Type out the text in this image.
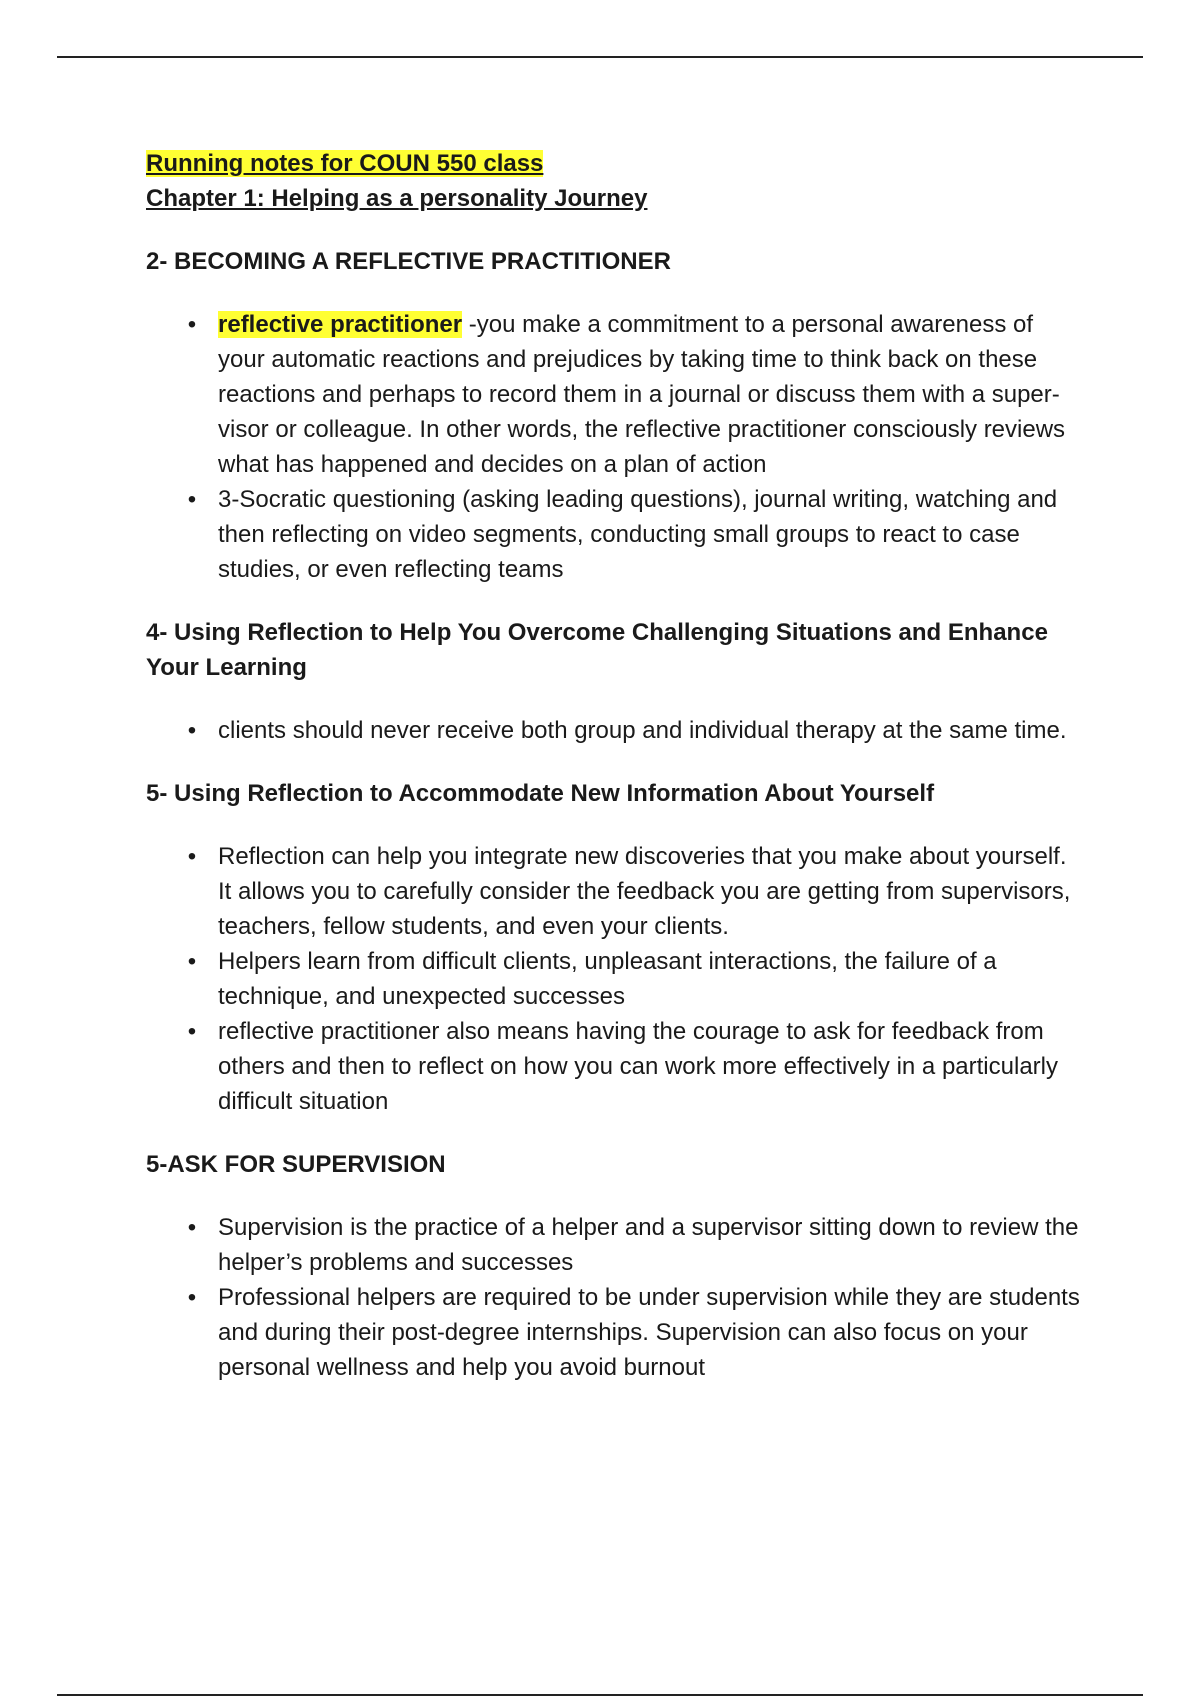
Running notes for COUN 550 class
Chapter 1: Helping as a personality Journey
2- BECOMING A REFLECTIVE PRACTITIONER
• reflective practitioner -you make a commitment to a personal awareness of your automatic reactions and prejudices by taking time to think back on these reactions and perhaps to record them in a journal or discuss them with a super- visor or colleague. In other words, the reflective practitioner consciously reviews what has happened and decides on a plan of action
• 3-Socratic questioning (asking leading questions), journal writing, watching and then reflecting on video segments, conducting small groups to react to case studies, or even reflecting teams
4- Using Reflection to Help You Overcome Challenging Situations and Enhance Your Learning
• clients should never receive both group and individual therapy at the same time.
5- Using Reflection to Accommodate New Information About Yourself
• Reflection can help you integrate new discoveries that you make about yourself. It allows you to carefully consider the feedback you are getting from supervisors, teachers, fellow students, and even your clients.
• Helpers learn from difficult clients, unpleasant interactions, the failure of a technique, and unexpected successes
• reflective practitioner also means having the courage to ask for feedback from others and then to reflect on how you can work more effectively in a particularly difficult situation
5-ASK FOR SUPERVISION
• Supervision is the practice of a helper and a supervisor sitting down to review the helper’s problems and successes
• Professional helpers are required to be under supervision while they are students and during their post-degree internships. Supervision can also focus on your personal wellness and help you avoid burnout
